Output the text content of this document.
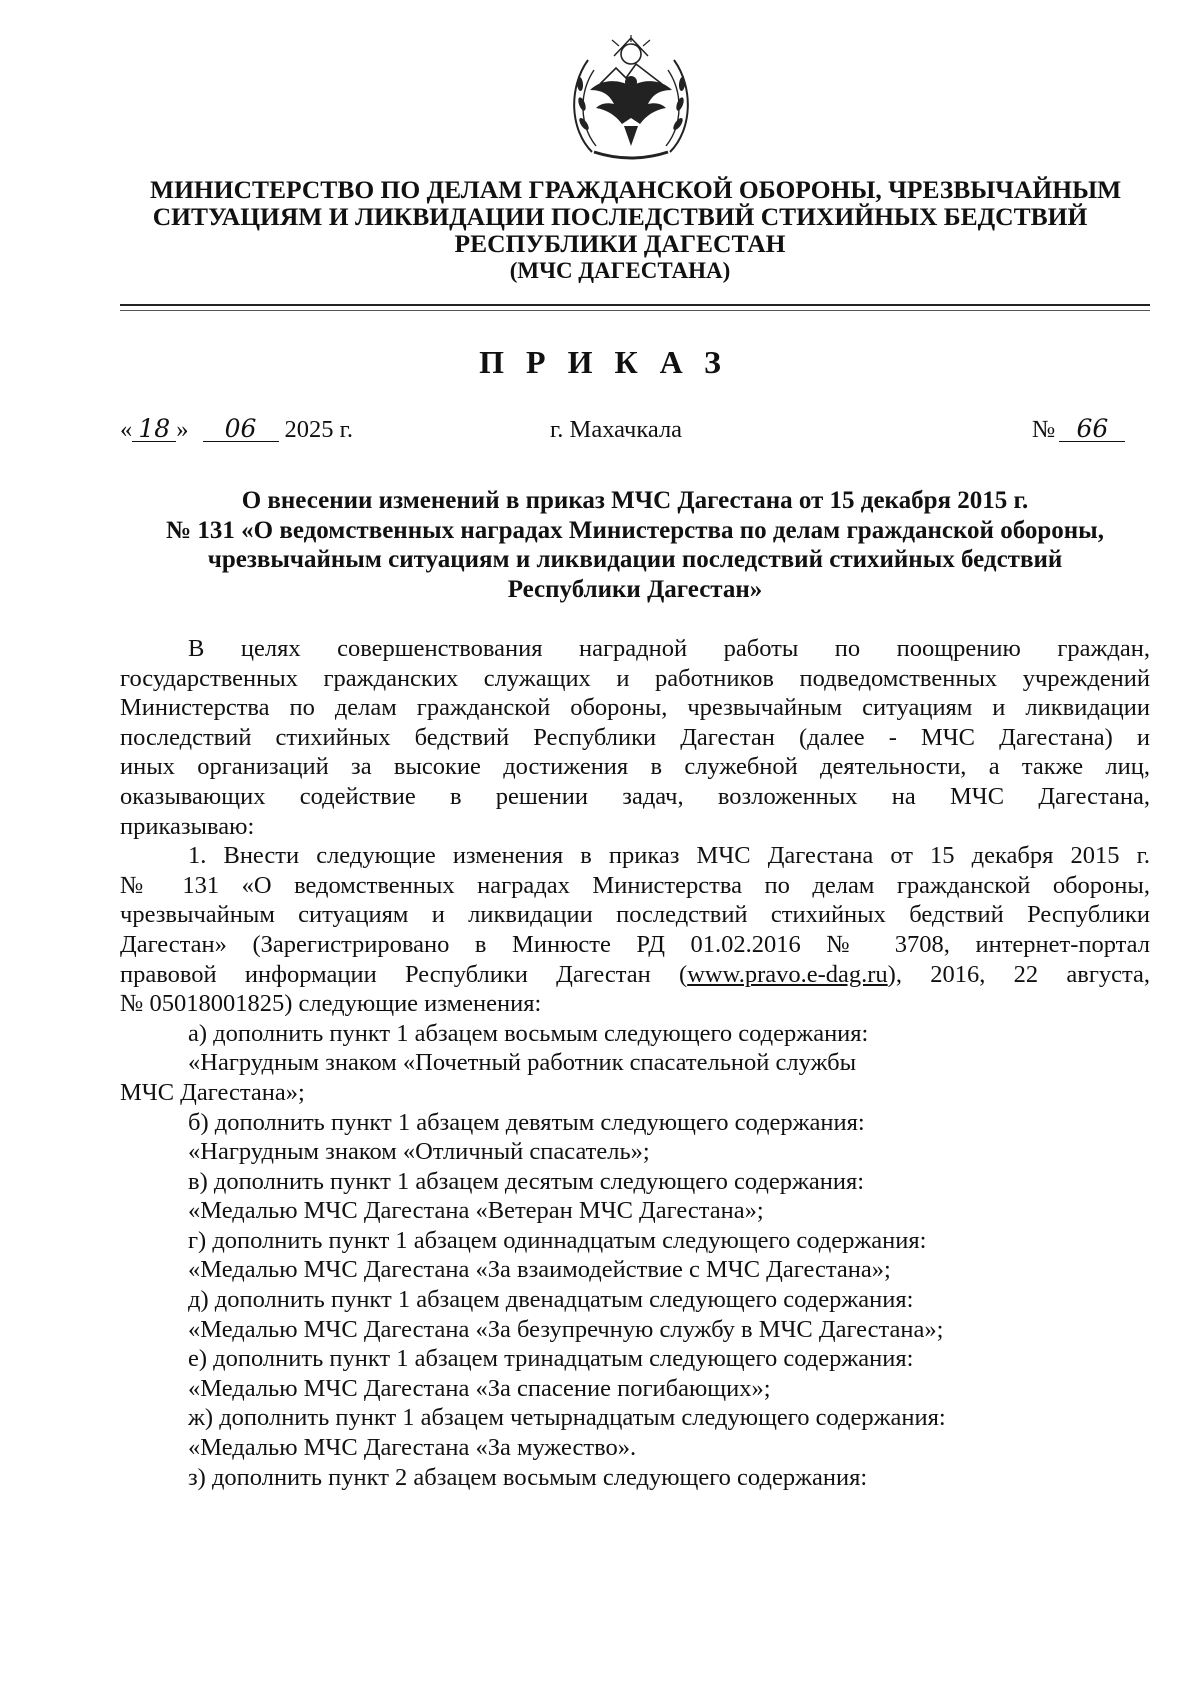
МИНИСТЕРСТВО ПО ДЕЛАМ ГРАЖДАНСКОЙ ОБОРОНЫ, ЧРЕЗВЫЧАЙНЫМ
СИТУАЦИЯМ И ЛИКВИДАЦИИ ПОСЛЕДСТВИЙ СТИХИЙНЫХ БЕДСТВИЙ
РЕСПУБЛИКИ ДАГЕСТАН
(МЧС ДАГЕСТАНА)
ПРИКАЗ
« 18 » 06 2025 г.	г. Махачкала	№ 66
О внесении изменений в приказ МЧС Дагестана от 15 декабря 2015 г.
№ 131 «О ведомственных наградах Министерства по делам гражданской обороны,
чрезвычайным ситуациям и ликвидации последствий стихийных бедствий
Республики Дагестан»
В целях совершенствования наградной работы по поощрению граждан,
государственных гражданских служащих и работников подведомственных учреждений
Министерства по делам гражданской обороны, чрезвычайным ситуациям и ликвидации
последствий стихийных бедствий Республики Дагестан (далее - МЧС Дагестана) и
иных организаций за высокие достижения в служебной деятельности, а также лиц,
оказывающих содействие в решении задач, возложенных на МЧС Дагестана,
приказываю:
1. Внести следующие изменения в приказ МЧС Дагестана от 15 декабря 2015 г.
№ 131 «О ведомственных наградах Министерства по делам гражданской обороны,
чрезвычайным ситуациям и ликвидации последствий стихийных бедствий Республики
Дагестан» (Зарегистрировано в Минюсте РД 01.02.2016 № 3708, интернет-портал
правовой информации Республики Дагестан (www.pravo.e-dag.ru), 2016, 22 августа,
№ 05018001825) следующие изменения:
а) дополнить пункт 1 абзацем восьмым следующего содержания:
«Нагрудным знаком «Почетный работник спасательной службы
МЧС Дагестана»;
б) дополнить пункт 1 абзацем девятым следующего содержания:
«Нагрудным знаком «Отличный спасатель»;
в) дополнить пункт 1 абзацем десятым следующего содержания:
«Медалью МЧС Дагестана «Ветеран МЧС Дагестана»;
г) дополнить пункт 1 абзацем одиннадцатым следующего содержания:
«Медалью МЧС Дагестана «За взаимодействие с МЧС Дагестана»;
д) дополнить пункт 1 абзацем двенадцатым следующего содержания:
«Медалью МЧС Дагестана «За безупречную службу в МЧС Дагестана»;
е) дополнить пункт 1 абзацем тринадцатым следующего содержания:
«Медалью МЧС Дагестана «За спасение погибающих»;
ж) дополнить пункт 1 абзацем четырнадцатым следующего содержания:
«Медалью МЧС Дагестана «За мужество».
з) дополнить пункт 2 абзацем восьмым следующего содержания:
